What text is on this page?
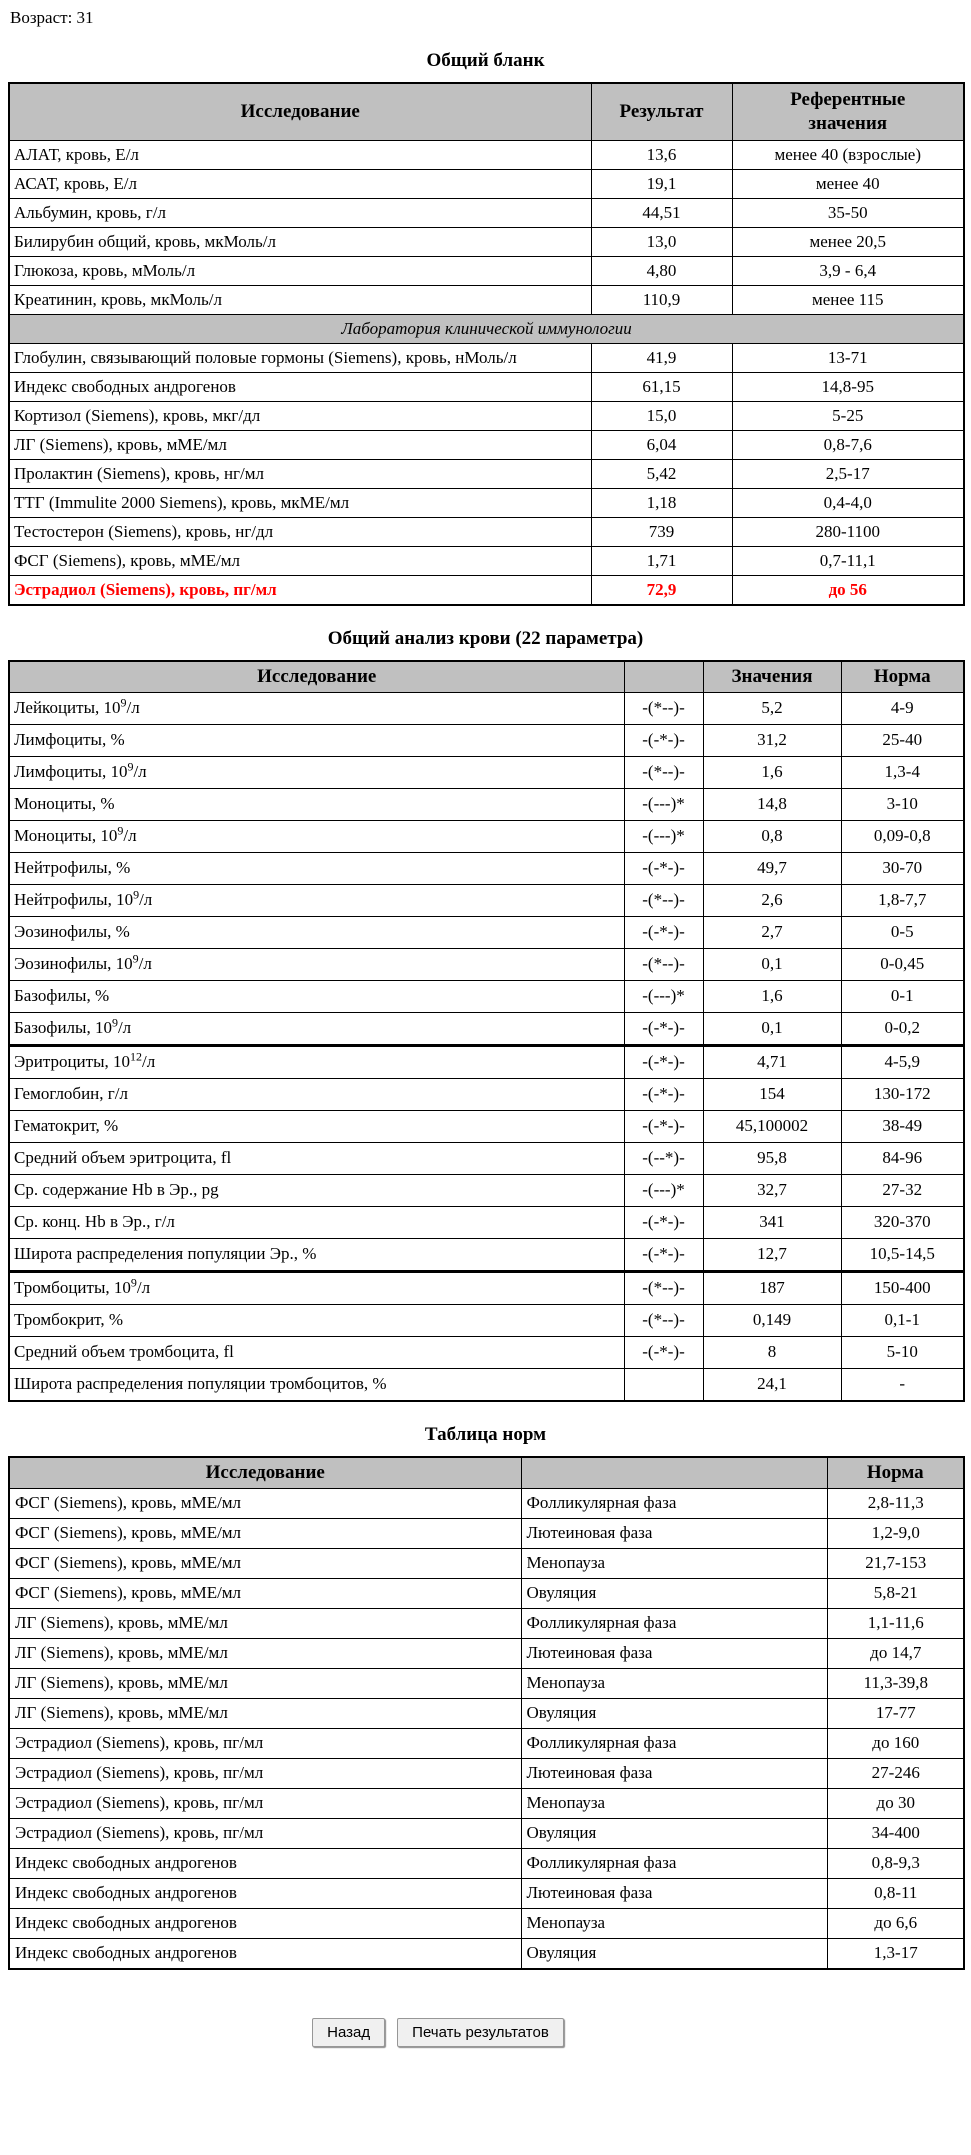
Возраст: 31
Общий бланк
Исследование	Результат	Референтные значения
АЛАТ, кровь, Е/л	13,6	менее 40 (взрослые)
АСАТ, кровь, Е/л	19,1	менее 40
Альбумин, кровь, г/л	44,51	35-50
Билирубин общий, кровь, мкМоль/л	13,0	менее 20,5
Глюкоза, кровь, мМоль/л	4,80	3,9 - 6,4
Креатинин, кровь, мкМоль/л	110,9	менее 115
Лаборатория клинической иммунологии		
Глобулин, связывающий половые гормоны (Siemens), кровь, нМоль/л	41,9	13-71
Индекс свободных андрогенов	61,15	14,8-95
Кортизол (Siemens), кровь, мкг/дл	15,0	5-25
ЛГ (Siemens), кровь, мМЕ/мл	6,04	0,8-7,6
Пролактин (Siemens), кровь, нг/мл	5,42	2,5-17
ТТГ (Immulite 2000 Siemens), кровь, мкМЕ/мл	1,18	0,4-4,0
Тестостерон (Siemens), кровь, нг/дл	739	280-1100
ФСГ (Siemens), кровь, мМЕ/мл	1,71	0,7-11,1
Эстрадиол (Siemens), кровь, пг/мл	72,9	до 56
Общий анализ крови (22 параметра)
Исследование		Значения	Норма
Лейкоциты, $10^9/л$	-(*--)-	5,2	4-9
Лимфоциты, %	-(-*-)-	31,2	25-40
Лимфоциты, $10^9/л$	-(*--)-	1,6	1,3-4
Моноциты, %	-(---)*	14,8	3-10
Моноциты, $10^9/л$	-(---)*	0,8	0,09-0,8
Нейтрофилы, %	-(-*-)-	49,7	30-70
Нейтрофилы, $10^9/л$	-(*--)-	2,6	1,8-7,7
Эозинофилы, %	-(-*-)-	2,7	0-5
Эозинофилы, $10^9/л$	-(*--)-	0,1	0-0,45
Базофилы, %	-(---)*	1,6	0-1
Базофилы, $10^9/л$	-(-*-)-	0,1	0-0,2
Эритроциты, $10^{12}/л$	-(-*-)-	4,71	4-5,9
Гемоглобин, г/л	-(-*-)-	154	130-172
Гематокрит, %	-(-*-)-	45,100002	38-49
Средний объем эритроцита, fl	-(--*)-	95,8	84-96
Ср. содержание Hb в Эр., pg	-(---)*	32,7	27-32
Ср. конц. Hb в Эр., г/л	-(-*-)-	341	320-370
Широта распределения популяции Эр., %	-(-*-)-	12,7	10,5-14,5
Тромбоциты, $10^9/л$	-(*--)-	187	150-400
Тромбокрит, %	-(*--)-	0,149	0,1-1
Средний объем тромбоцита, fl	-(-*-)-	8	5-10
Широта распределения популяции тромбоцитов, %		24,1	-
Таблица норм
Исследование		Норма
ФСГ (Siemens), кровь, мМЕ/мл	Фолликулярная фаза	2,8-11,3
ФСГ (Siemens), кровь, мМЕ/мл	Лютеиновая фаза	1,2-9,0
ФСГ (Siemens), кровь, мМЕ/мл	Менопауза	21,7-153
ФСГ (Siemens), кровь, мМЕ/мл	Овуляция	5,8-21
ЛГ (Siemens), кровь, мМЕ/мл	Фолликулярная фаза	1,1-11,6
ЛГ (Siemens), кровь, мМЕ/мл	Лютеиновая фаза	до 14,7
ЛГ (Siemens), кровь, мМЕ/мл	Менопауза	11,3-39,8
ЛГ (Siemens), кровь, мМЕ/мл	Овуляция	17-77
Эстрадиол (Siemens), кровь, пг/мл	Фолликулярная фаза	до 160
Эстрадиол (Siemens), кровь, пг/мл	Лютеиновая фаза	27-246
Эстрадиол (Siemens), кровь, пг/мл	Менопауза	до 30
Эстрадиол (Siemens), кровь, пг/мл	Овуляция	34-400
Индекс свободных андрогенов	Фолликулярная фаза	0,8-9,3
Индекс свободных андрогенов	Лютеиновая фаза	0,8-11
Индекс свободных андрогенов	Менопауза	до 6,6
Индекс свободных андрогенов	Овуляция	1,3-17
Назад	Печать результатов
